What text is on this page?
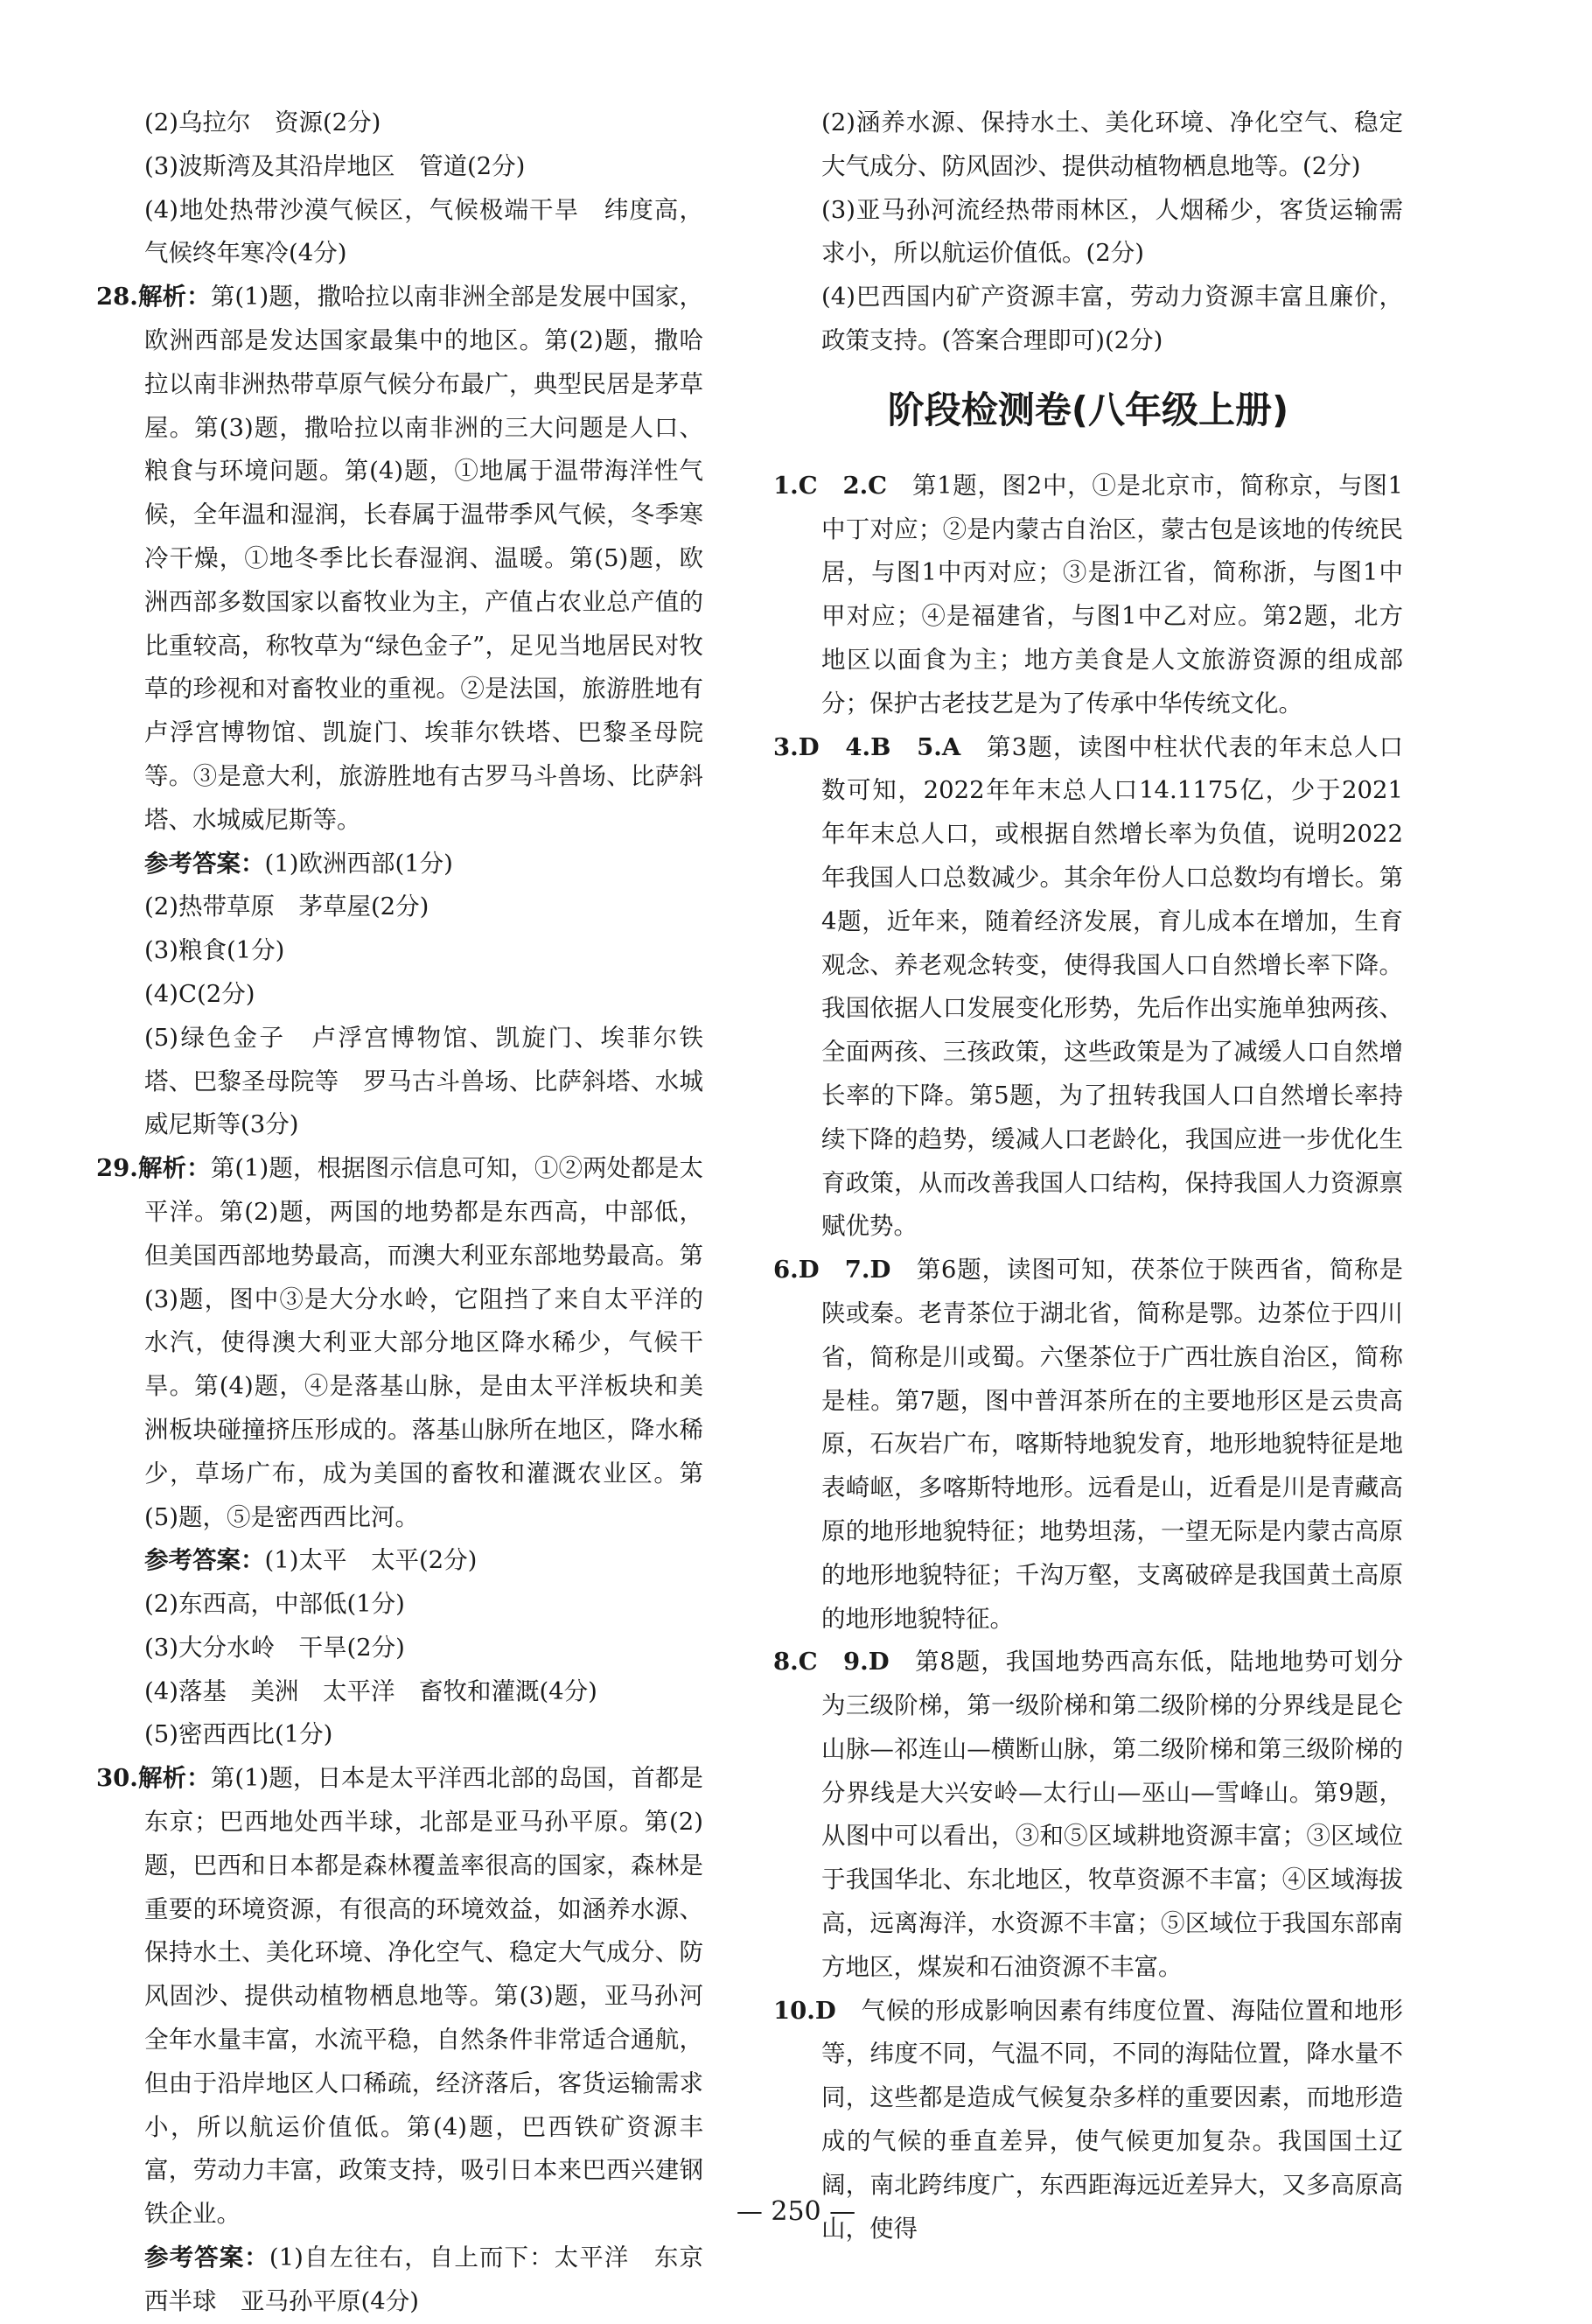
(2)乌拉尔　资源(2分)

(3)波斯湾及其沿岸地区　管道(2分)

(4)地处热带沙漠气候区，气候极端干旱　纬度高，气候终年寒冷(4分)

28.解析：第(1)题，撒哈拉以南非洲全部是发展中国家，欧洲西部是发达国家最集中的地区。第(2)题，撒哈拉以南非洲热带草原气候分布最广，典型民居是茅草屋。第(3)题，撒哈拉以南非洲的三大问题是人口、粮食与环境问题。第(4)题，①地属于温带海洋性气候，全年温和湿润，长春属于温带季风气候，冬季寒冷干燥，①地冬季比长春湿润、温暖。第(5)题，欧洲西部多数国家以畜牧业为主，产值占农业总产值的比重较高，称牧草为“绿色金子”，足见当地居民对牧草的珍视和对畜牧业的重视。②是法国，旅游胜地有卢浮宫博物馆、凯旋门、埃菲尔铁塔、巴黎圣母院等。③是意大利，旅游胜地有古罗马斗兽场、比萨斜塔、水城威尼斯等。

参考答案：(1)欧洲西部(1分)

(2)热带草原　茅草屋(2分)

(3)粮食(1分)

(4)C(2分)

(5)绿色金子　卢浮宫博物馆、凯旋门、埃菲尔铁塔、巴黎圣母院等　罗马古斗兽场、比萨斜塔、水城威尼斯等(3分)

29.解析：第(1)题，根据图示信息可知，①②两处都是太平洋。第(2)题，两国的地势都是东西高，中部低，但美国西部地势最高，而澳大利亚东部地势最高。第(3)题，图中③是大分水岭，它阻挡了来自太平洋的水汽，使得澳大利亚大部分地区降水稀少，气候干旱。第(4)题，④是落基山脉，是由太平洋板块和美洲板块碰撞挤压形成的。落基山脉所在地区，降水稀少，草场广布，成为美国的畜牧和灌溉农业区。第(5)题，⑤是密西西比河。

参考答案：(1)太平　太平(2分)

(2)东西高，中部低(1分)

(3)大分水岭　干旱(2分)

(4)落基　美洲　太平洋　畜牧和灌溉(4分)

(5)密西西比(1分)

30.解析：第(1)题，日本是太平洋西北部的岛国，首都是东京；巴西地处西半球，北部是亚马孙平原。第(2)题，巴西和日本都是森林覆盖率很高的国家，森林是重要的环境资源，有很高的环境效益，如涵养水源、保持水土、美化环境、净化空气、稳定大气成分、防风固沙、提供动植物栖息地等。第(3)题，亚马孙河全年水量丰富，水流平稳，自然条件非常适合通航，但由于沿岸地区人口稀疏，经济落后，客货运输需求小，所以航运价值低。第(4)题，巴西铁矿资源丰富，劳动力丰富，政策支持，吸引日本来巴西兴建钢铁企业。

参考答案：(1)自左往右，自上而下：太平洋　东京　西半球　亚马孙平原(4分)

(2)涵养水源、保持水土、美化环境、净化空气、稳定大气成分、防风固沙、提供动植物栖息地等。(2分)

(3)亚马孙河流经热带雨林区，人烟稀少，客货运输需求小，所以航运价值低。(2分)

(4)巴西国内矿产资源丰富，劳动力资源丰富且廉价，政策支持。(答案合理即可)(2分)

阶段检测卷(八年级上册)

1.C　2.C　第1题，图2中，①是北京市，简称京，与图1中丁对应；②是内蒙古自治区，蒙古包是该地的传统民居，与图1中丙对应；③是浙江省，简称浙，与图1中甲对应；④是福建省，与图1中乙对应。第2题，北方地区以面食为主；地方美食是人文旅游资源的组成部分；保护古老技艺是为了传承中华传统文化。

3.D　4.B　5.A　第3题，读图中柱状代表的年末总人口数可知，2022年年末总人口14.1175亿，少于2021年年末总人口，或根据自然增长率为负值，说明2022年我国人口总数减少。其余年份人口总数均有增长。第4题，近年来，随着经济发展，育儿成本在增加，生育观念、养老观念转变，使得我国人口自然增长率下降。我国依据人口发展变化形势，先后作出实施单独两孩、全面两孩、三孩政策，这些政策是为了减缓人口自然增长率的下降。第5题，为了扭转我国人口自然增长率持续下降的趋势，缓减人口老龄化，我国应进一步优化生育政策，从而改善我国人口结构，保持我国人力资源禀赋优势。

6.D　7.D　第6题，读图可知，茯茶位于陕西省，简称是陕或秦。老青茶位于湖北省，简称是鄂。边茶位于四川省，简称是川或蜀。六堡茶位于广西壮族自治区，简称是桂。第7题，图中普洱茶所在的主要地形区是云贵高原，石灰岩广布，喀斯特地貌发育，地形地貌特征是地表崎岖，多喀斯特地形。远看是山，近看是川是青藏高原的地形地貌特征；地势坦荡，一望无际是内蒙古高原的地形地貌特征；千沟万壑，支离破碎是我国黄土高原的地形地貌特征。

8.C　9.D　第8题，我国地势西高东低，陆地地势可划分为三级阶梯，第一级阶梯和第二级阶梯的分界线是昆仑山脉—祁连山—横断山脉，第二级阶梯和第三级阶梯的分界线是大兴安岭—太行山—巫山—雪峰山。第9题，从图中可以看出，③和⑤区域耕地资源丰富；③区域位于我国华北、东北地区，牧草资源不丰富；④区域海拔高，远离海洋，水资源不丰富；⑤区域位于我国东部南方地区，煤炭和石油资源不丰富。

10.D　气候的形成影响因素有纬度位置、海陆位置和地形等，纬度不同，气温不同，不同的海陆位置，降水量不同，这些都是造成气候复杂多样的重要因素，而地形造成的气候的垂直差异，使气候更加复杂。我国国土辽阔，南北跨纬度广，东西距海远近差异大，又多高原高山，使得

— 250 —
